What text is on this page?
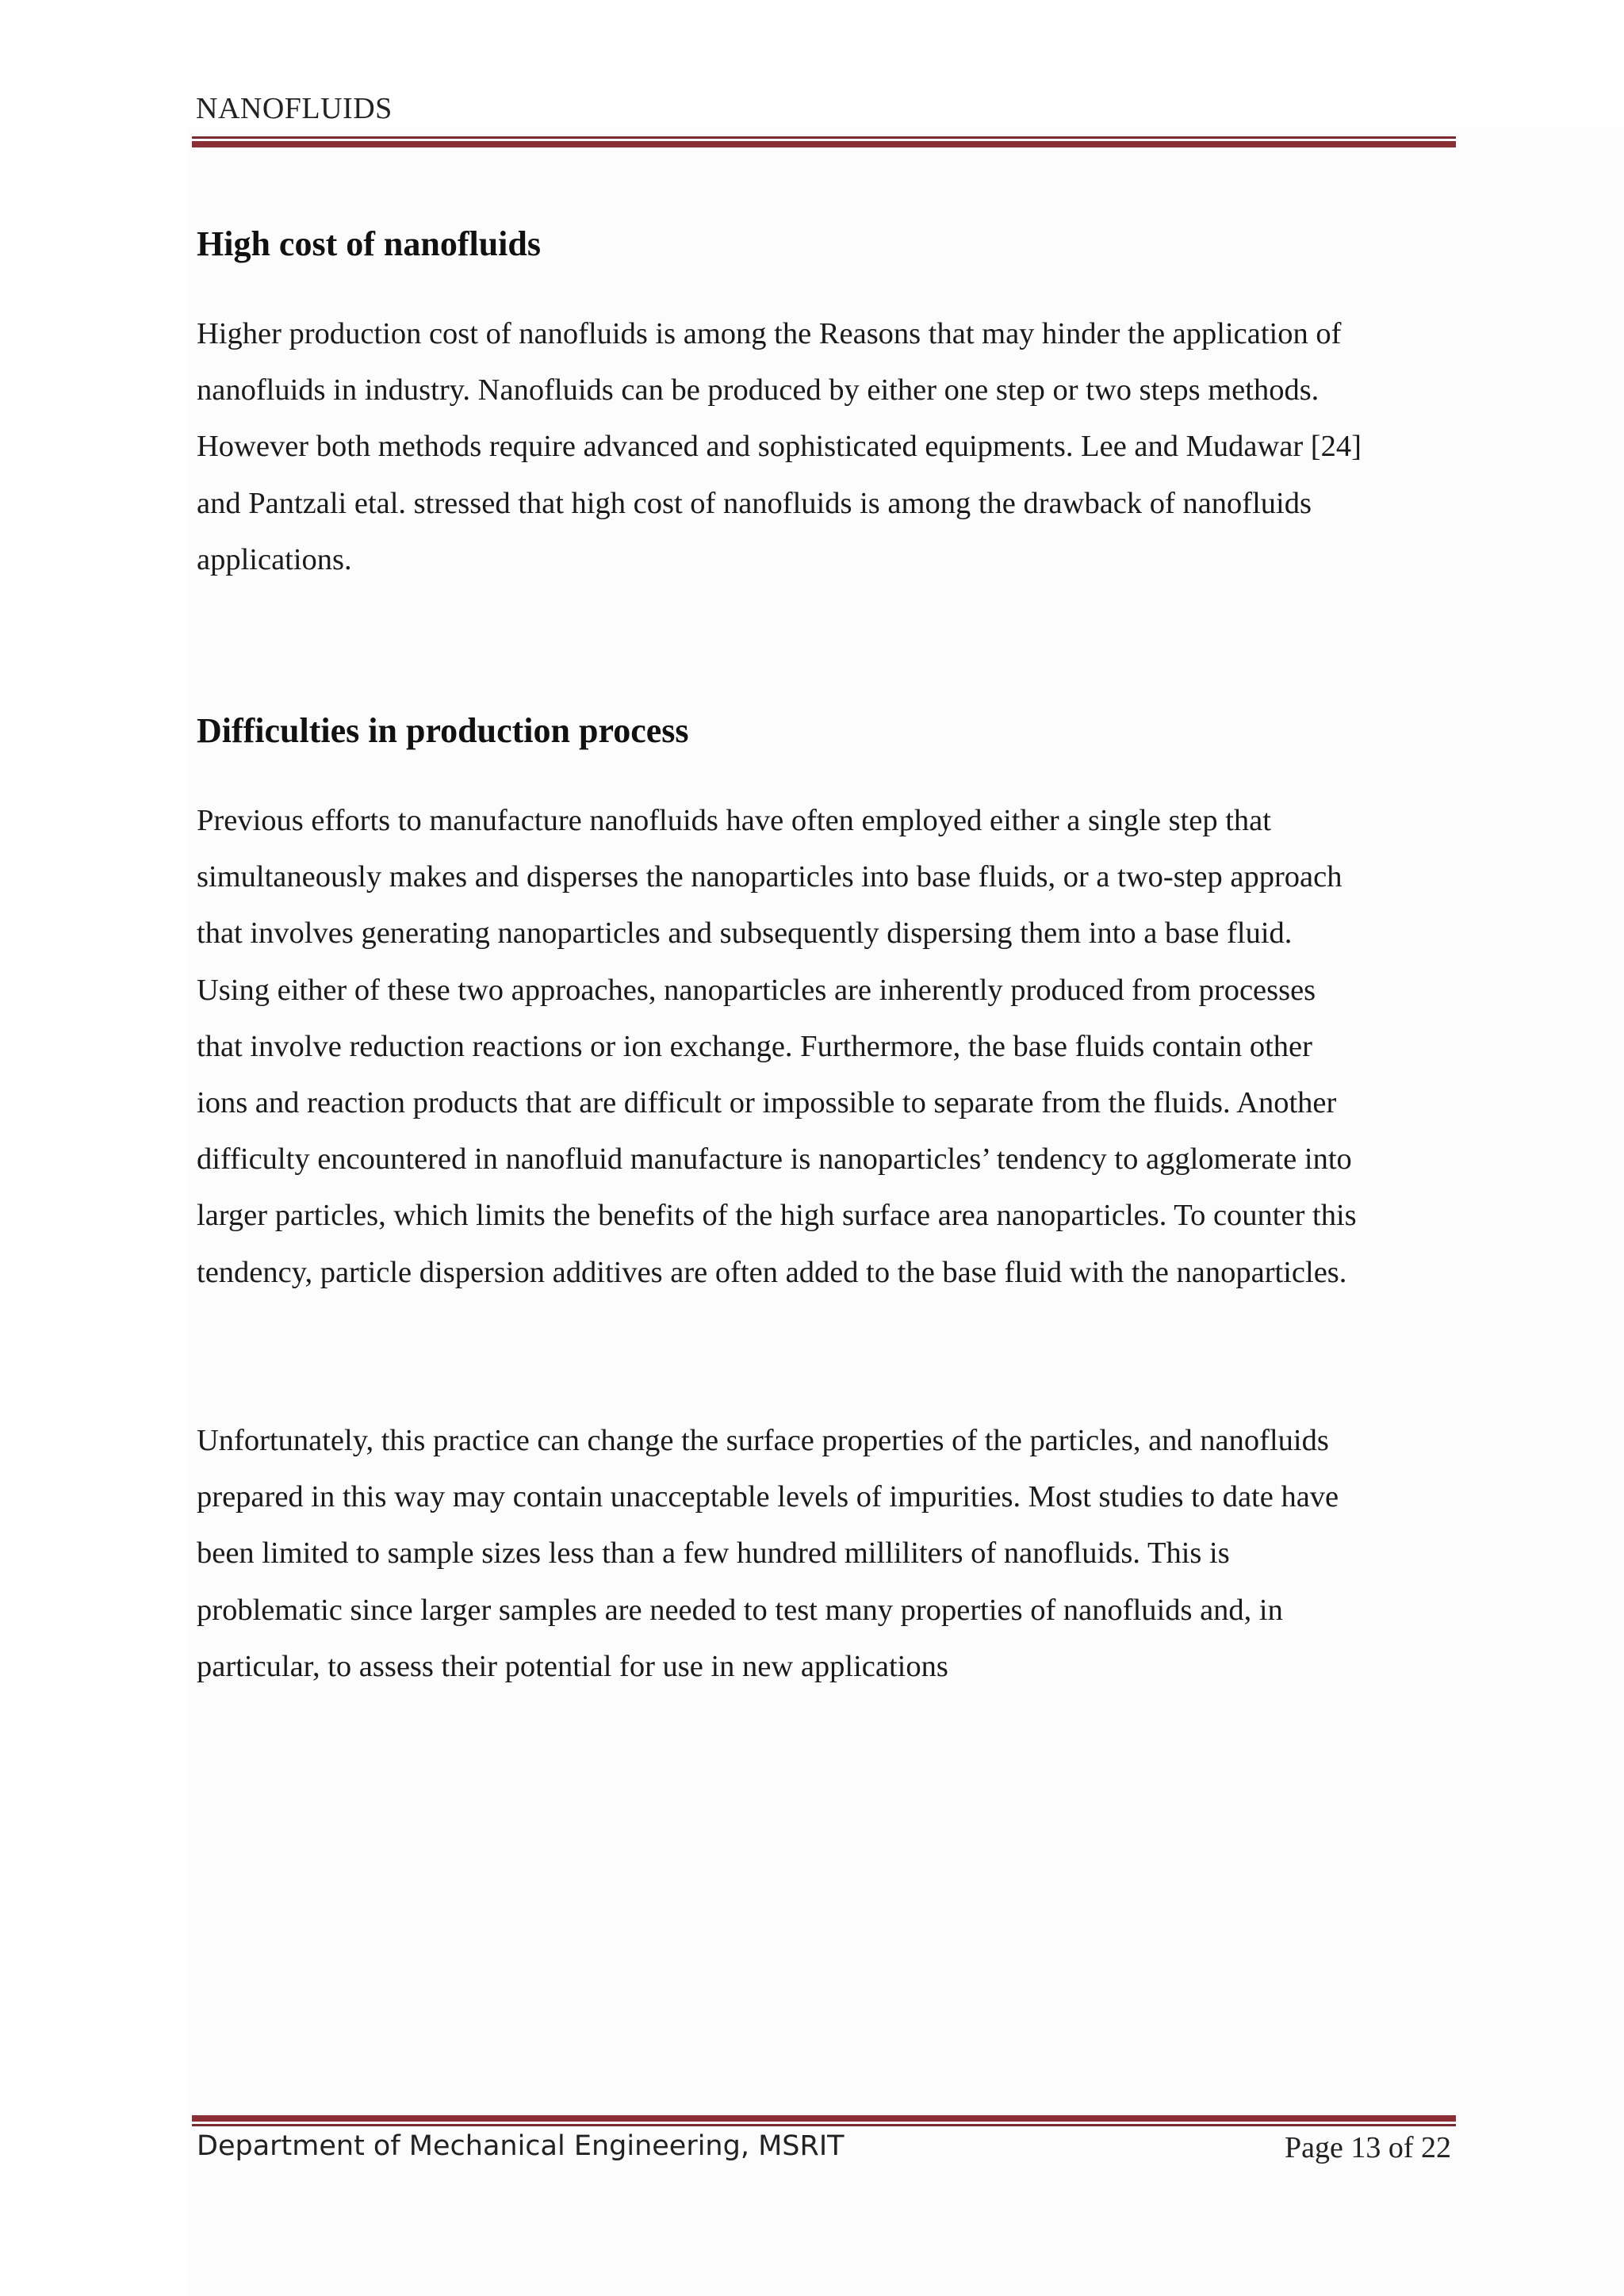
NANOFLUIDS
High cost of nanofluids
Higher production cost of nanofluids is among the Reasons that may hinder the application of
nanofluids in industry. Nanofluids can be produced by either one step or two steps methods.
However both methods require advanced and sophisticated equipments. Lee and Mudawar [24]
and Pantzali etal. stressed that high cost of nanofluids is among the drawback of nanofluids
applications.
Difficulties in production process
Previous efforts to manufacture nanofluids have often employed either a single step that
simultaneously makes and disperses the nanoparticles into base fluids, or a two-step approach
that involves generating nanoparticles and subsequently dispersing them into a base fluid.
Using either of these two approaches, nanoparticles are inherently produced from processes
that involve reduction reactions or ion exchange. Furthermore, the base fluids contain other
ions and reaction products that are difficult or impossible to separate from the fluids. Another
difficulty encountered in nanofluid manufacture is nanoparticles’ tendency to agglomerate into
larger particles, which limits the benefits of the high surface area nanoparticles. To counter this
tendency, particle dispersion additives are often added to the base fluid with the nanoparticles.
Unfortunately, this practice can change the surface properties of the particles, and nanofluids
prepared in this way may contain unacceptable levels of impurities. Most studies to date have
been limited to sample sizes less than a few hundred milliliters of nanofluids. This is
problematic since larger samples are needed to test many properties of nanofluids and, in
particular, to assess their potential for use in new applications
Department of Mechanical Engineering, MSRIT	Page 13 of 22
